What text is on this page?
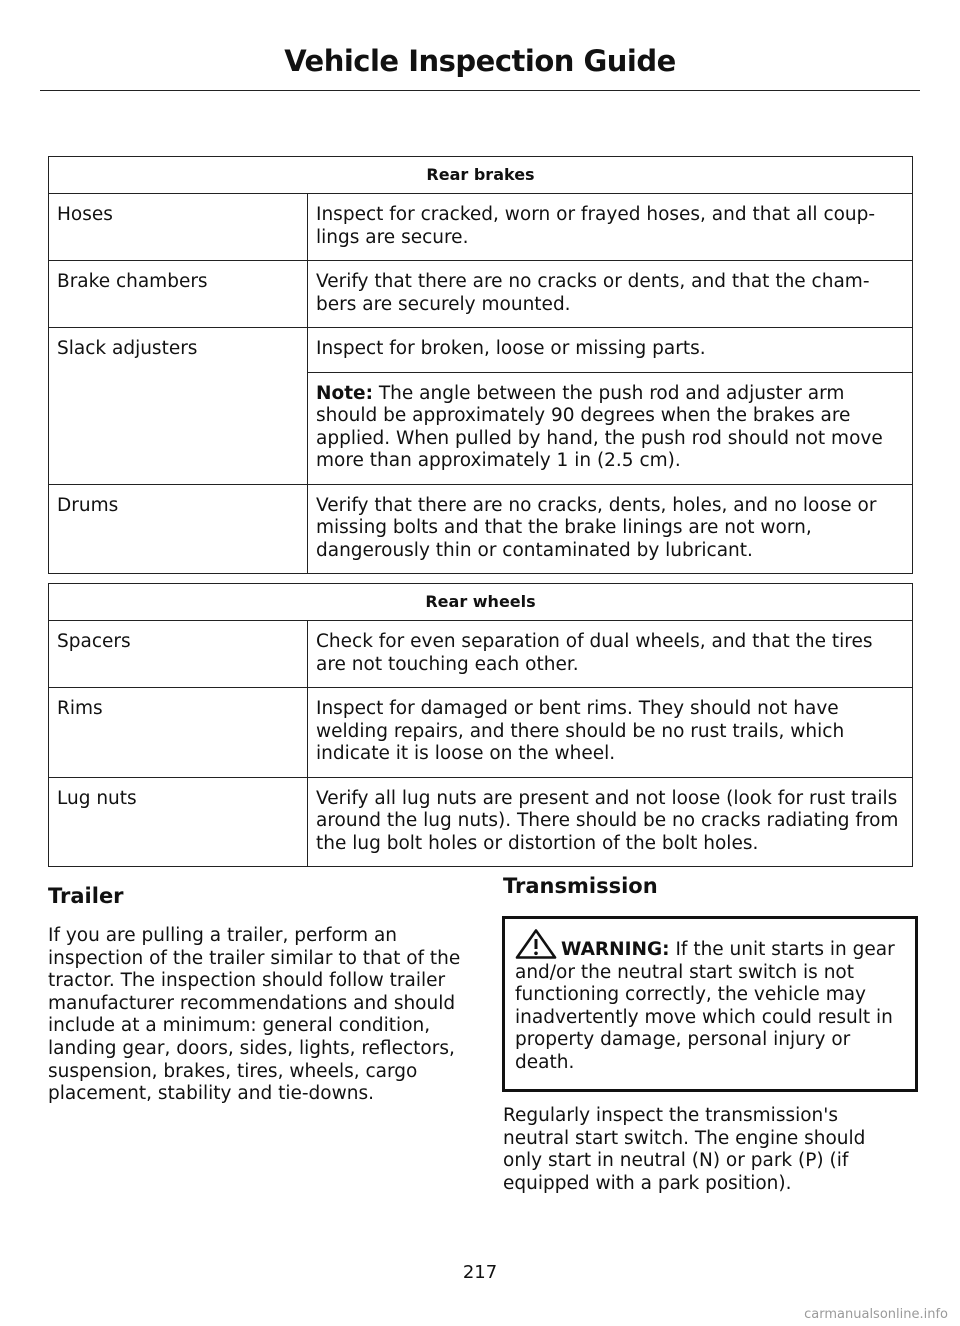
Vehicle Inspection Guide
Rear brakes	
Hoses	Inspect for cracked, worn or frayed hoses, and that all coup-lings are secure.
Brake chambers	Verify that there are no cracks or dents, and that the cham-bers are securely mounted.
Slack adjusters	Inspect for broken, loose or missing parts.
	Note: The angle between the push rod and adjuster arm should be approximately 90 degrees when the brakes are applied. When pulled by hand, the push rod should not move more than approximately 1 in (2.5 cm).
Drums	Verify that there are no cracks, dents, holes, and no loose or missing bolts and that the brake linings are not worn, dangerously thin or contaminated by lubricant.
Rear wheels	
Spacers	Check for even separation of dual wheels, and that the tires are not touching each other.
Rims	Inspect for damaged or bent rims. They should not have welding repairs, and there should be no rust trails, which indicate it is loose on the wheel.
Lug nuts	Verify all lug nuts are present and not loose (look for rust trails around the lug nuts). There should be no cracks radiating from the lug bolt holes or distortion of the bolt holes.
Trailer
If you are pulling a trailer, perform an inspection of the trailer similar to that of the tractor. The inspection should follow trailer manufacturer recommendations and should include at a minimum: general condition, landing gear, doors, sides, lights, reflectors, suspension, brakes, tires, wheels, cargo placement, stability and tie-downs.
Transmission
WARNING: If the unit starts in gear and/or the neutral start switch is not functioning correctly, the vehicle may inadvertently move which could result in property damage, personal injury or death.
Regularly inspect the transmission's neutral start switch. The engine should only start in neutral (N) or park (P) (if equipped with a park position).
217
carmanualsonline.info
